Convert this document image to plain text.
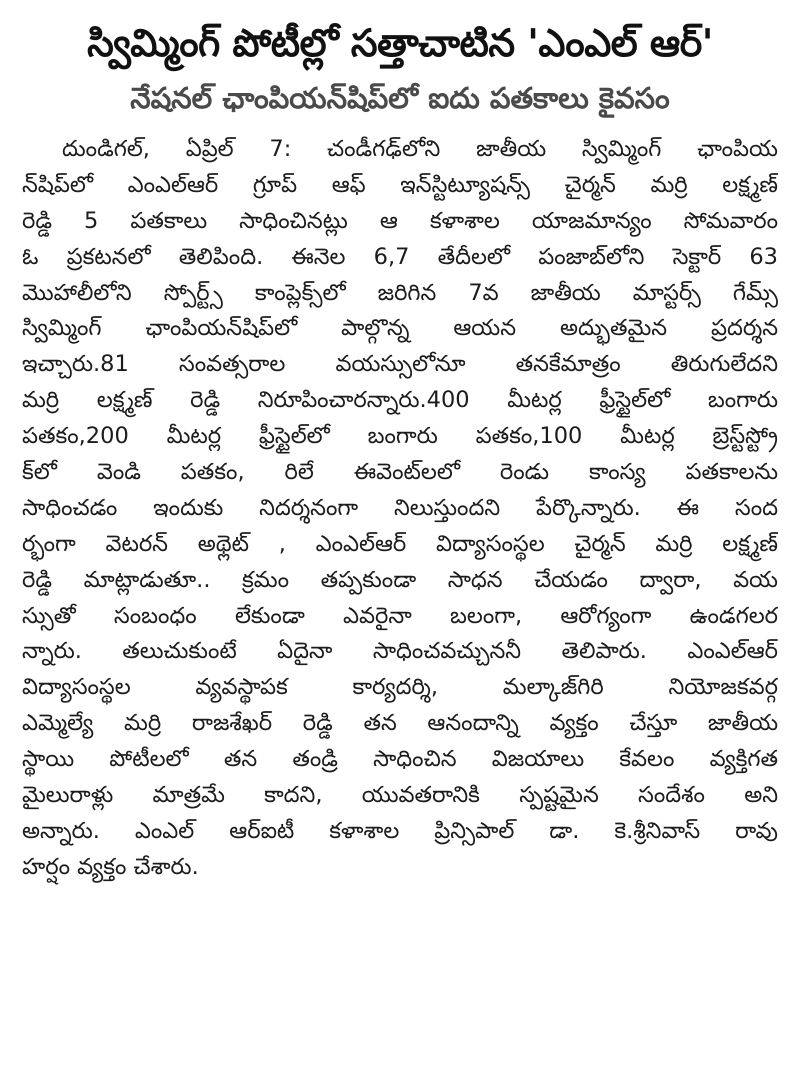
స్విమ్మింగ్ పోటీల్లో సత్తాచాటిన 'ఎంఎల్ ఆర్'
నేషనల్ ఛాంపియన్‌షిప్‌లో ఐదు పతకాలు కైవసం
దుండిగల్, ఏప్రిల్ 7: చండీగఢ్‌లోని జాతీయ స్విమ్మింగ్ ఛాంపియ
న్‌షిప్‌లో ఎంఎల్ఆర్ గ్రూప్ ఆఫ్ ఇన్‌స్టిట్యూషన్స్ చైర్మన్ మర్రి లక్ష్మణ్
రెడ్డి 5 పతకాలు సాధించినట్లు ఆ కళాశాల యాజమాన్యం సోమవారం
ఓ ప్రకటనలో తెలిపింది. ఈనెల 6,7 తేదీలలో పంజాబ్‌లోని సెక్టార్ 63
మొహాలీలోని స్పోర్ట్స్ కాంప్లెక్స్‌లో జరిగిన 7వ జాతీయ మాస్టర్స్ గేమ్స్
స్విమ్మింగ్ ఛాంపియన్‌షిప్‌లో పాల్గొన్న ఆయన అద్భుతమైన ప్రదర్శన
ఇచ్చారు.81 సంవత్సరాల వయస్సులోనూ తనకేమాత్రం తిరుగులేదని
మర్రి లక్ష్మణ్ రెడ్డి నిరూపించారన్నారు.400 మీటర్ల ఫ్రీస్టైల్‌లో బంగారు
పతకం,200 మీటర్ల ఫ్రీస్టైల్‌లో బంగారు పతకం,100 మీటర్ల బ్రెస్ట్‌స్ట్రో
క్‌లో వెండి పతకం, రిలే ఈవెంట్‌లలో రెండు కాంస్య పతకాలను
సాధించడం ఇందుకు నిదర్శనంగా నిలుస్తుందని పేర్కొన్నారు. ఈ సంద
ర్భంగా వెటరన్ అథ్లెట్ , ఎంఎల్ఆర్ విద్యాసంస్థల చైర్మన్ మర్రి లక్ష్మణ్
రెడ్డి మాట్లాడుతూ.. క్రమం తప్పకుండా సాధన చేయడం ద్వారా, వయ
స్సుతో సంబంధం లేకుండా ఎవరైనా బలంగా, ఆరోగ్యంగా ఉండగలర
న్నారు. తలుచుకుంటే ఏదైనా సాధించవచ్చుననీ తెలిపారు. ఎంఎల్ఆర్
విద్యాసంస్థల వ్యవస్థాపక కార్యదర్శి, మల్కాజ్‌గిరి నియోజకవర్గ
ఎమ్మెల్యే మర్రి రాజశేఖర్ రెడ్డి తన ఆనందాన్ని వ్యక్తం చేస్తూ జాతీయ
స్థాయి పోటీలలో తన తండ్రి సాధించిన విజయాలు కేవలం వ్యక్తిగత
మైలురాళ్లు మాత్రమే కాదని, యువతరానికి స్పష్టమైన సందేశం అని
అన్నారు. ఎంఎల్ ఆర్ఐటీ కళాశాల ప్రిన్సిపాల్ డా. కె.శ్రీనివాస్ రావు
హర్షం వ్యక్తం చేశారు.
